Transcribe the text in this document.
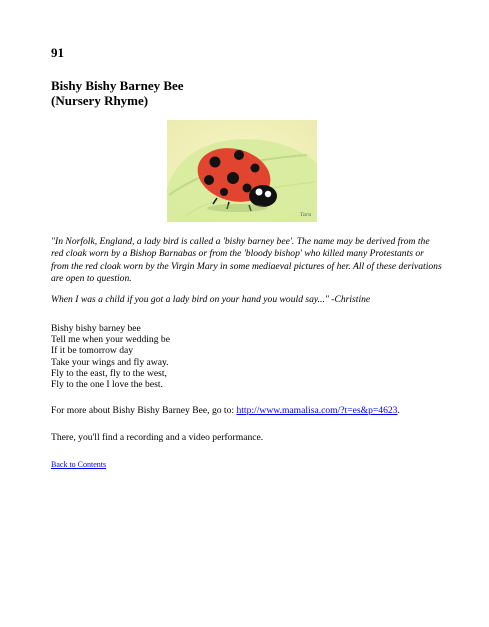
91

Bishy Bishy Barney Bee
(Nursery Rhyme)

Tara

"In Norfolk, England, a lady bird is called a 'bishy barney bee'. The name may be derived from the red cloak worn by a Bishop Barnabas or from the 'bloody bishop' who killed many Protestants or from the red cloak worn by the Virgin Mary in some mediaeval pictures of her. All of these derivations are open to question.

When I was a child if you got a lady bird on your hand you would say..." -Christine

Bishy bishy barney bee
Tell me when your wedding be
If it be tomorrow day
Take your wings and fly away.
Fly to the east, fly to the west,
Fly to the one I love the best.

For more about Bishy Bishy Barney Bee, go to: http://www.mamalisa.com/?t=es&p=4623.

There, you'll find a recording and a video performance.

Back to Contents
